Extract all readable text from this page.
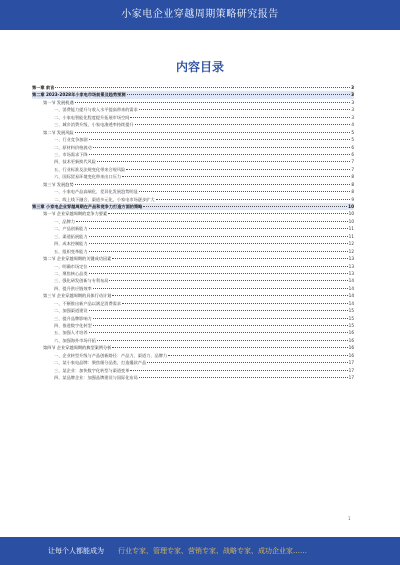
小家电企业穿越周期策略研究报告
内容目录
第一章 前言	3
第二章 2023-2028年小家电市场前景及趋势预测	3
第一节 发展机遇	3
一、消费能力提升与收入水平提高带来的需求	3
二、小家电智能化程度提升拓展市场空间	3
三、城乡消费升级，小家电渗透率持续提升	4
第二节 发展风险	5
一、行业竞争加剧	5
二、原材料价格波动	6
三、市场需求下降	6
四、技术更新换代风险	7
五、行业标准及法规变化带来合规风险	7
六、国际贸易环境变化带来出口压力	8
第三节 发展趋势	8
一、小家电产品高端化、差异化发展趋势明显	8
二、线上线下融合，渠道多元化，小家电市场逐步扩大	9
第三章 小家电企业穿越周期在产品和竞争力打造方面的策略	10
第一节 企业穿越周期的竞争力要素	10
一、品牌力	10
二、产品创新能力	11
三、渠道拓展能力	11
四、成本控制能力	12
五、组织变革能力	12
第二节 企业穿越周期的关键成功因素	13
一、明确市场定位	13
二、聚焦核心品类	13
三、强化研发创新与专利布局	14
四、提升供应链效率	14
第三节 企业穿越周期的具体行动计划	14
一、不断推出新产品以满足消费需求	14
二、加强渠道建设	15
三、提升品牌影响力	15
四、推进数字化转型	15
五、加强人才培养	16
六、加强海外市场开拓	16
第四节 企业穿越周期的典型案例分析	16
一、企业转型升级与产品创新路径：产品力、渠道力、品牌力	16
二、某小家电品牌：聚焦细分品类，打造爆款产品	17
三、某企业：加快数字化转型与渠道变革	17
四、某品牌企业：加强品牌建设与国际化布局	17
1
让每个人都能成为 行业专家、管理专家、营销专家、战略专家、成功企业家……
